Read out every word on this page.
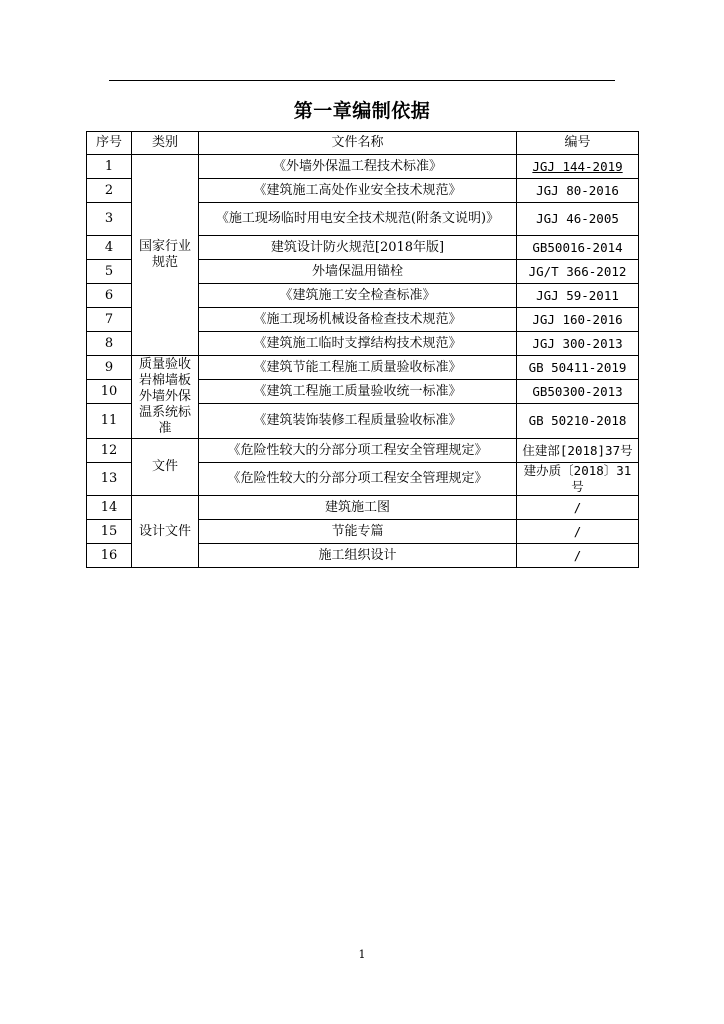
第一章编制依据
序号	类别	文件名称	编号
1	国家行业规范	《外墙外保温工程技术标准》	JGJ 144-2019
2		《建筑施工高处作业安全技术规范》	JGJ 80-2016
3		《施工现场临时用电安全技术规范(附条文说明)》	JGJ 46-2005
4		建筑设计防火规范[2018年版]	GB50016-2014
5		外墙保温用锚栓	JG/T 366-2012
6		《建筑施工安全检查标准》	JGJ 59-2011
7		《施工现场机械设备检查技术规范》	JGJ 160-2016
8		《建筑施工临时支撑结构技术规范》	JGJ 300-2013
9	质量验收岩棉墙板外墙外保温系统标准	《建筑节能工程施工质量验收标准》	GB 50411-2019
10		《建筑工程施工质量验收统一标准》	GB50300-2013
11		《建筑装饰装修工程质量验收标准》	GB 50210-2018
12	文件	《危险性较大的分部分项工程安全管理规定》	住建部[2018]37号
13		《危险性较大的分部分项工程安全管理规定》	建办质〔2018〕31号
14	设计文件	建筑施工图	/
15		节能专篇	/
16		施工组织设计	/
1
